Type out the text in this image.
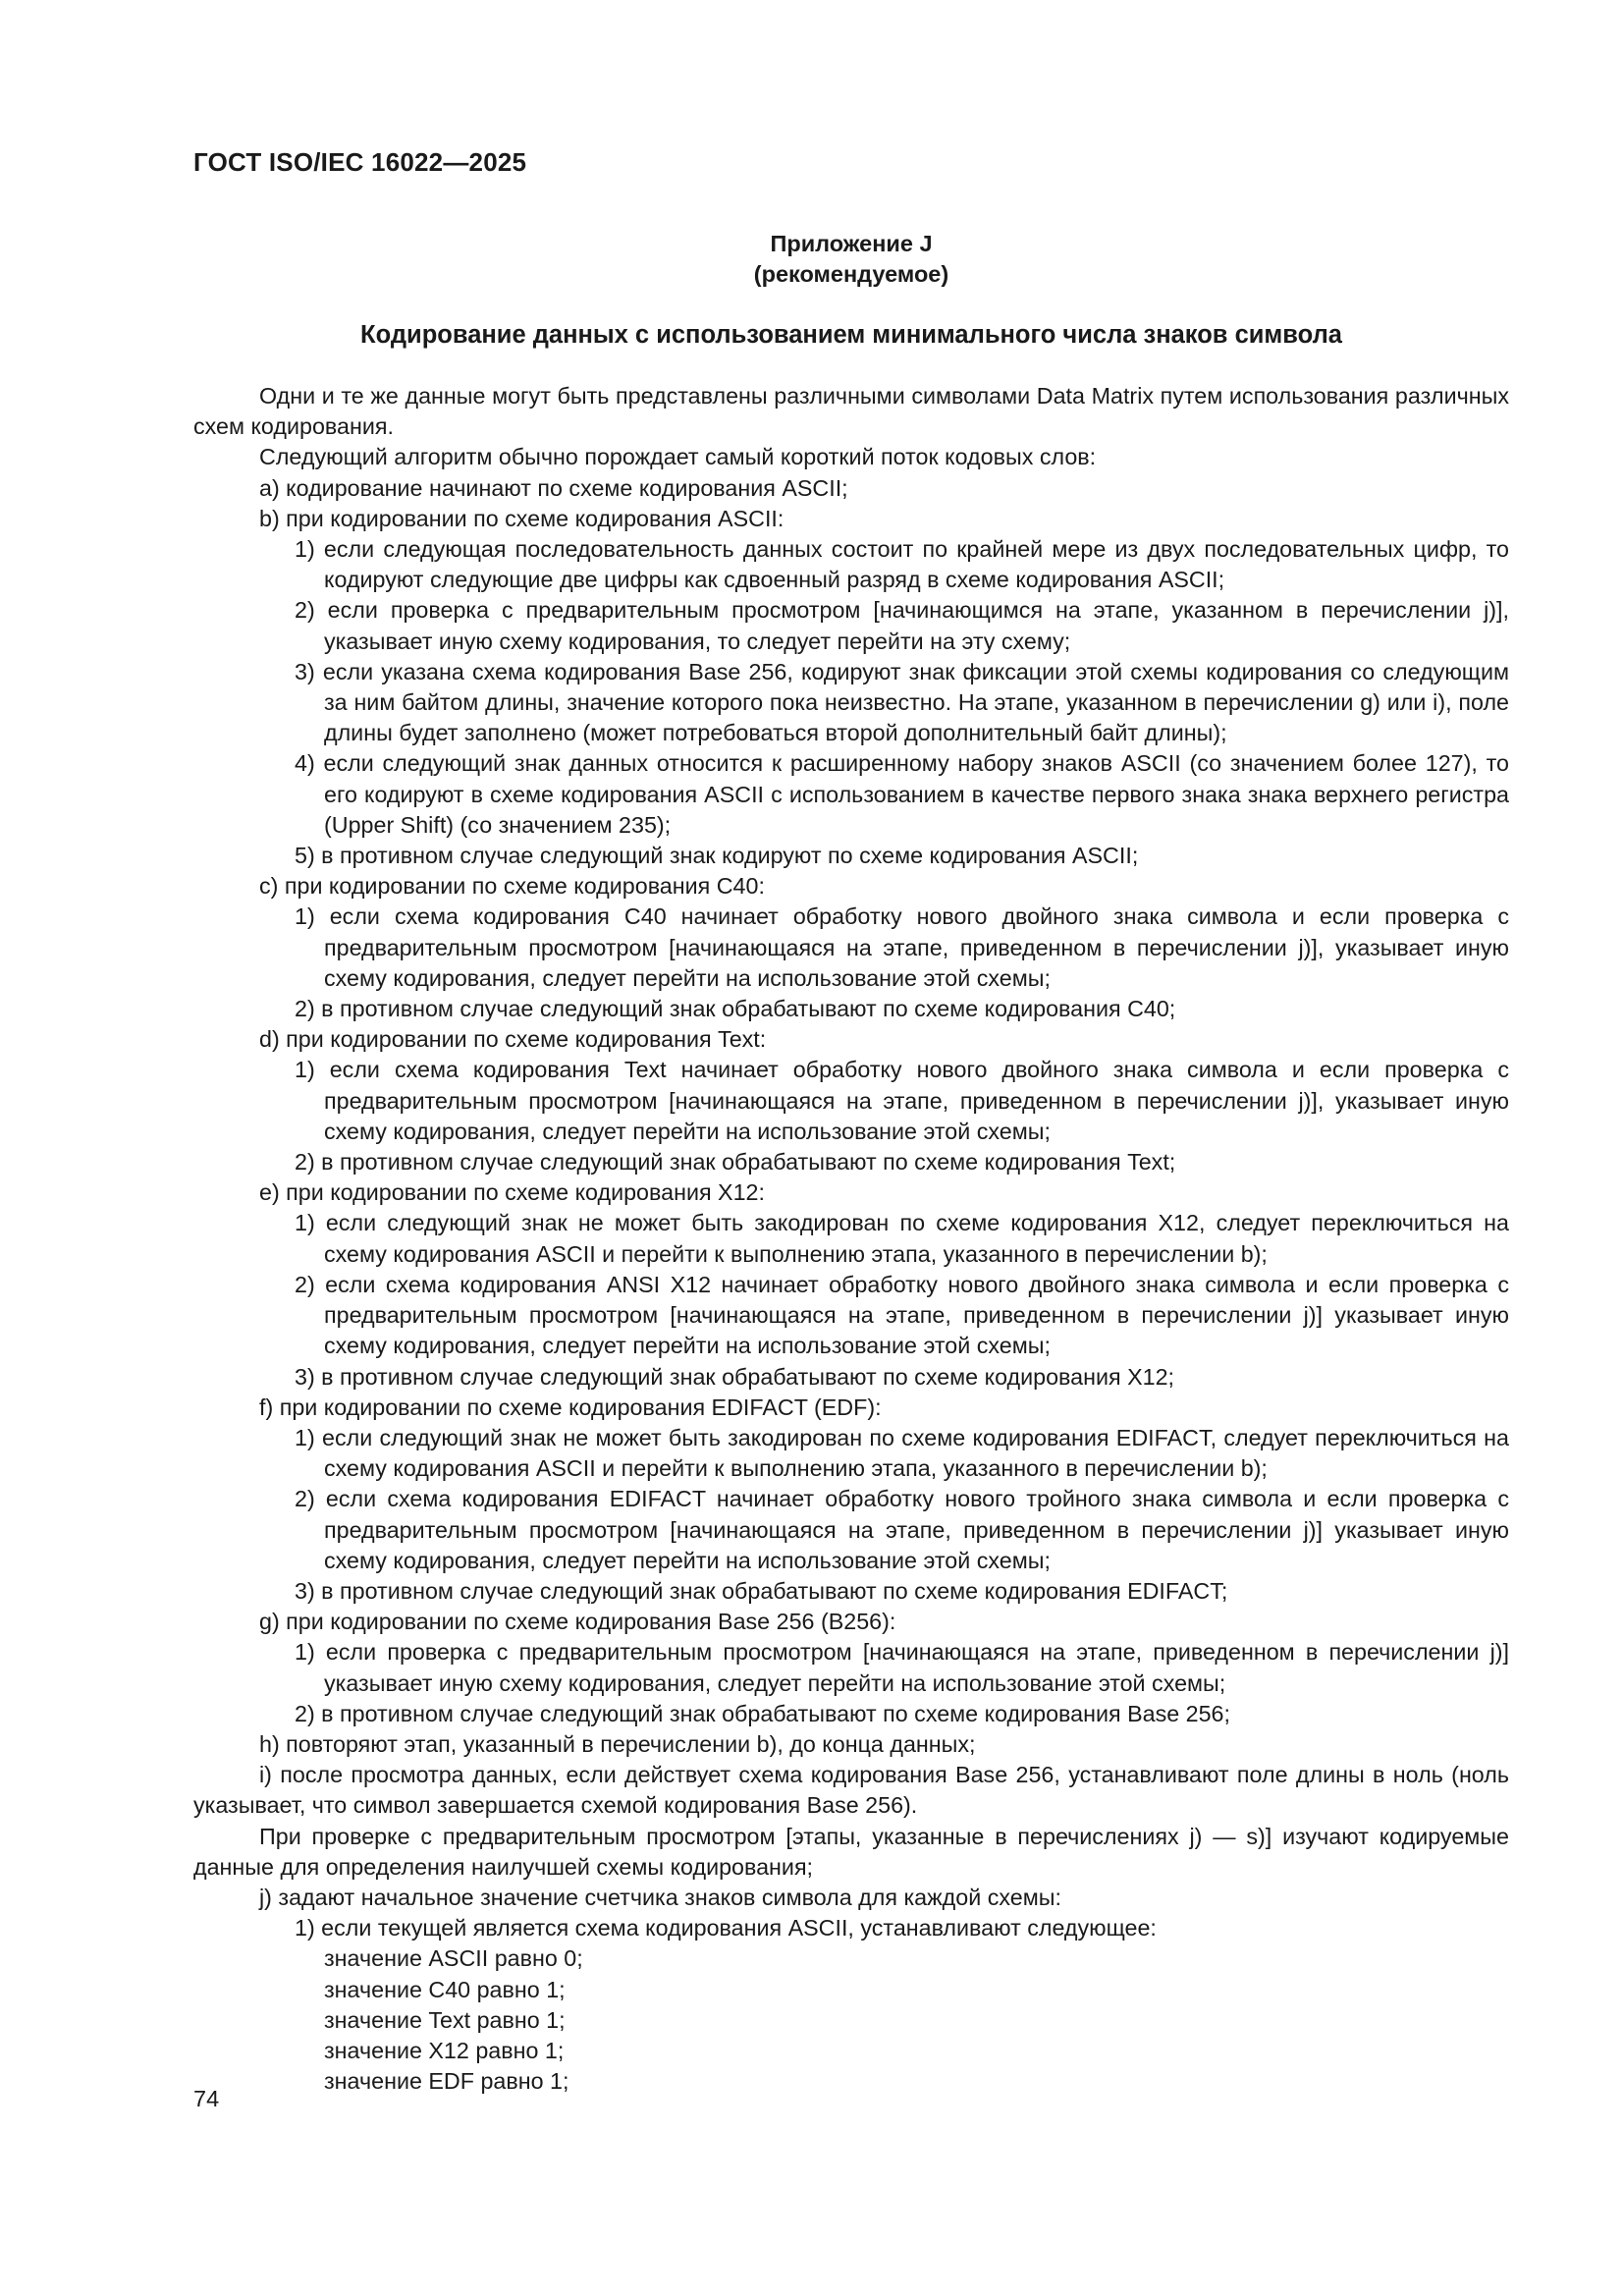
ГОСТ ISO/IEC 16022—2025
Приложение J
(рекомендуемое)
Кодирование данных с использованием минимального числа знаков символа

Одни и те же данные могут быть представлены различными символами Data Matrix путем использования различных схем кодирования.

Следующий алгоритм обычно порождает самый короткий поток кодовых слов:

a) кодирование начинают по схеме кодирования ASCII;

b) при кодировании по схеме кодирования ASCII:

1) если следующая последовательность данных состоит по крайней мере из двух последовательных цифр, то кодируют следующие две цифры как сдвоенный разряд в схеме кодирования ASCII;

2) если проверка с предварительным просмотром [начинающимся на этапе, указанном в перечислении j)], указывает иную схему кодирования, то следует перейти на эту схему;

3) если указана схема кодирования Base 256, кодируют знак фиксации этой схемы кодирования со следующим за ним байтом длины, значение которого пока неизвестно. На этапе, указанном в перечислении g) или i), поле длины будет заполнено (может потребоваться второй дополнительный байт длины);

4) если следующий знак данных относится к расширенному набору знаков ASCII (со значением более 127), то его кодируют в схеме кодирования ASCII с использованием в качестве первого знака знака верхнего регистра (Upper Shift) (со значением 235);

5) в противном случае следующий знак кодируют по схеме кодирования ASCII;

c) при кодировании по схеме кодирования C40:

1) если схема кодирования C40 начинает обработку нового двойного знака символа и если проверка с предварительным просмотром [начинающаяся на этапе, приведенном в перечислении j)], указывает иную схему кодирования, следует перейти на использование этой схемы;

2) в противном случае следующий знак обрабатывают по схеме кодирования C40;

d) при кодировании по схеме кодирования Text:

1) если схема кодирования Text начинает обработку нового двойного знака символа и если проверка с предварительным просмотром [начинающаяся на этапе, приведенном в перечислении j)], указывает иную схему кодирования, следует перейти на использование этой схемы;

2) в противном случае следующий знак обрабатывают по схеме кодирования Text;

e) при кодировании по схеме кодирования X12:

1) если следующий знак не может быть закодирован по схеме кодирования X12, следует переключиться на схему кодирования ASCII и перейти к выполнению этапа, указанного в перечислении b);

2) если схема кодирования ANSI X12 начинает обработку нового двойного знака символа и если проверка с предварительным просмотром [начинающаяся на этапе, приведенном в перечислении j)] указывает иную схему кодирования, следует перейти на использование этой схемы;

3) в противном случае следующий знак обрабатывают по схеме кодирования X12;

f) при кодировании по схеме кодирования EDIFACT (EDF):

1) если следующий знак не может быть закодирован по схеме кодирования EDIFACT, следует переключиться на схему кодирования ASCII и перейти к выполнению этапа, указанного в перечислении b);

2) если схема кодирования EDIFACT начинает обработку нового тройного знака символа и если проверка с предварительным просмотром [начинающаяся на этапе, приведенном в перечислении j)] указывает иную схему кодирования, следует перейти на использование этой схемы;

3) в противном случае следующий знак обрабатывают по схеме кодирования EDIFACT;

g) при кодировании по схеме кодирования Base 256 (B256):

1) если проверка с предварительным просмотром [начинающаяся на этапе, приведенном в перечислении j)] указывает иную схему кодирования, следует перейти на использование этой схемы;

2) в противном случае следующий знак обрабатывают по схеме кодирования Base 256;

h) повторяют этап, указанный в перечислении b), до конца данных;

i) после просмотра данных, если действует схема кодирования Base 256, устанавливают поле длины в ноль (ноль указывает, что символ завершается схемой кодирования Base 256).

При проверке с предварительным просмотром [этапы, указанные в перечислениях j) — s)] изучают кодируемые данные для определения наилучшей схемы кодирования;

j) задают начальное значение счетчика знаков символа для каждой схемы:

1) если текущей является схема кодирования ASCII, устанавливают следующее:

значение ASCII равно 0;

значение C40 равно 1;

значение Text равно 1;

значение X12 равно 1;

значение EDF равно 1;

74
